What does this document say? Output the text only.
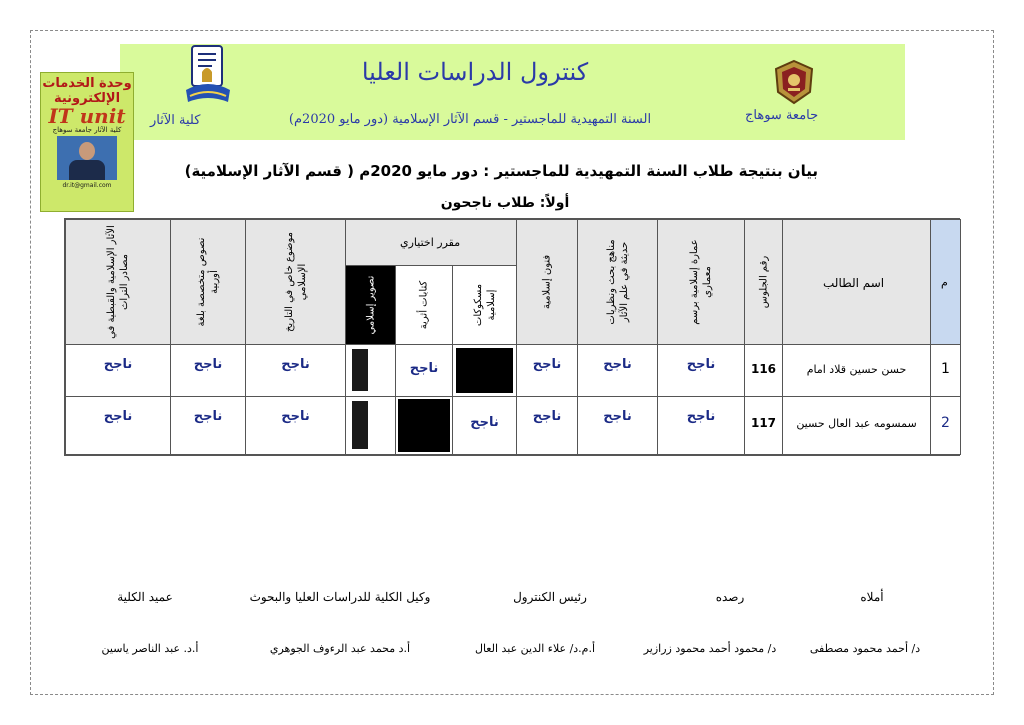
كنترول الدراسات العليا
السنة التمهيدية للماجستير - قسم الآثار الإسلامية (دور مايو 2020م)
كلية الآثار	جامعة سوهاج
وحدة الخدمات
الإلكترونية
IT unit
كلية الآثار جامعة سوهاج
dr.it@gmail.com
بيان بنتيجة طلاب السنة التمهيدية للماجستير : دور مايو 2020م ( قسم الآثار الإسلامية)
أولاً: طلاب ناجحون
م
اسم الطالب
رقم الجلوس
عمارة إسلامية برسم معماري
مناهج بحث ونظريات حديثة في علم الآثار
فنون إسلامية
مقرر اختياري
مسكوكات إسلامية
كتابات أثرية
تصوير إسلامي
موضوع خاص في التاريخ الإسلامي
نصوص متخصصة بلغة أوربية
الآثار الإسلامية والقبطية في مصادر التراث
1
حسن حسين قلاد امام
116
ناجح
ناجح
ناجح
ناجح
ناجح
ناجح
ناجح
2
سمسومه عبد العال حسين
117
ناجح
ناجح
ناجح
ناجح
ناجح
ناجح
ناجح
أملاه
رصده
رئيس الكنترول
وكيل الكلية للدراسات العليا والبحوث
عميد الكلية
د/ أحمد محمود مصطفى
د/ محمود أحمد محمود زرازير
أ.م.د/ علاء الدين عبد العال
أ.د محمد عبد الرءوف الجوهري
أ.د. عبد الناصر ياسين
